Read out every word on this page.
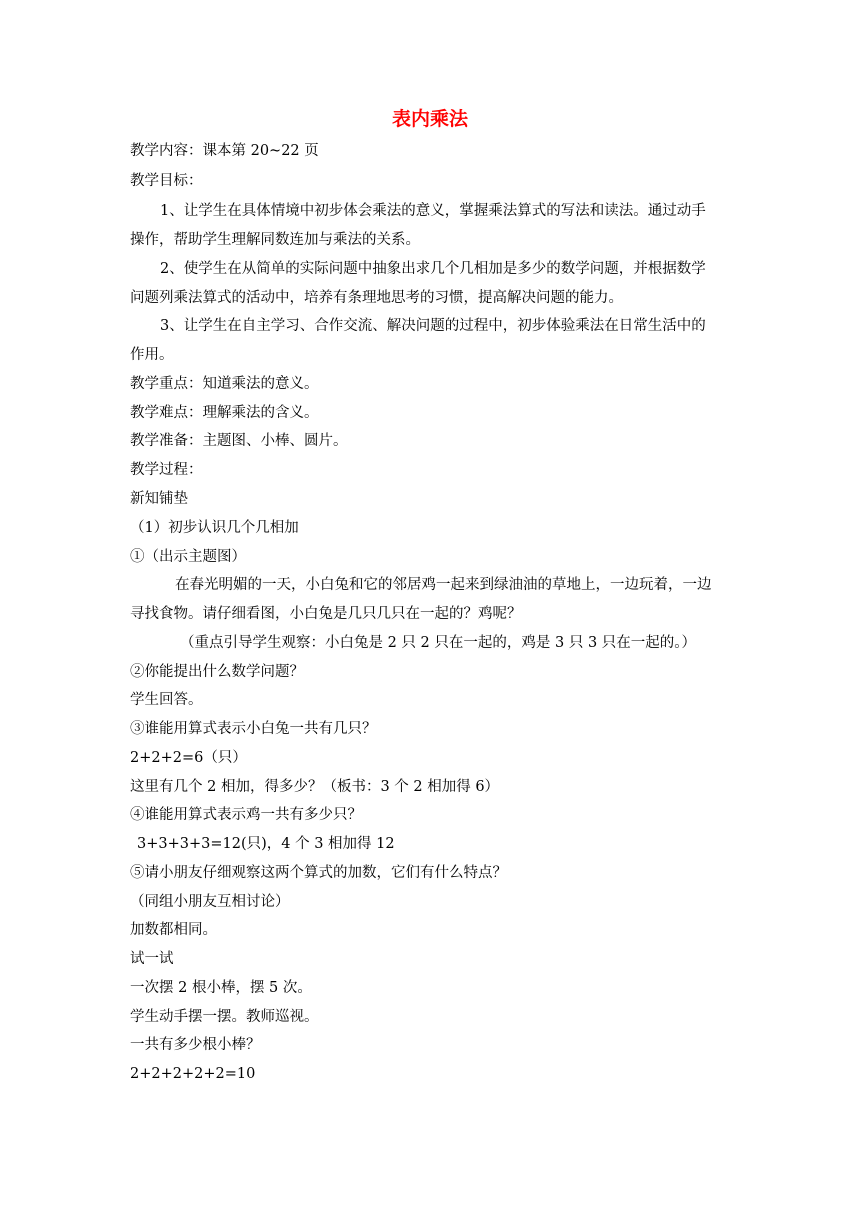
表内乘法
教学内容：课本第 20~22 页
教学目标：
1、让学生在具体情境中初步体会乘法的意义，掌握乘法算式的写法和读法。通过动手
操作，帮助学生理解同数连加与乘法的关系。
2、使学生在从简单的实际问题中抽象出求几个几相加是多少的数学问题，并根据数学
问题列乘法算式的活动中，培养有条理地思考的习惯，提高解决问题的能力。
3、让学生在自主学习、合作交流、解决问题的过程中，初步体验乘法在日常生活中的
作用。
教学重点：知道乘法的意义。
教学难点：理解乘法的含义。
教学准备：主题图、小棒、圆片。
教学过程：
新知铺垫
（1）初步认识几个几相加
①（出示主题图）
在春光明媚的一天，小白兔和它的邻居鸡一起来到绿油油的草地上，一边玩着，一边
寻找食物。请仔细看图，小白兔是几只几只在一起的？鸡呢？
（重点引导学生观察：小白兔是 2 只 2 只在一起的，鸡是 3 只 3 只在一起的。）
②你能提出什么数学问题？
学生回答。
③谁能用算式表示小白兔一共有几只？
2+2+2=6（只）
这里有几个 2 相加，得多少？（板书：3 个 2 相加得 6）
④谁能用算式表示鸡一共有多少只？
3+3+3+3=12(只)，4 个 3 相加得 12
⑤请小朋友仔细观察这两个算式的加数，它们有什么特点？
（同组小朋友互相讨论）
加数都相同。
试一试
一次摆 2 根小棒，摆 5 次。
学生动手摆一摆。教师巡视。
一共有多少根小棒？
2+2+2+2+2=10
